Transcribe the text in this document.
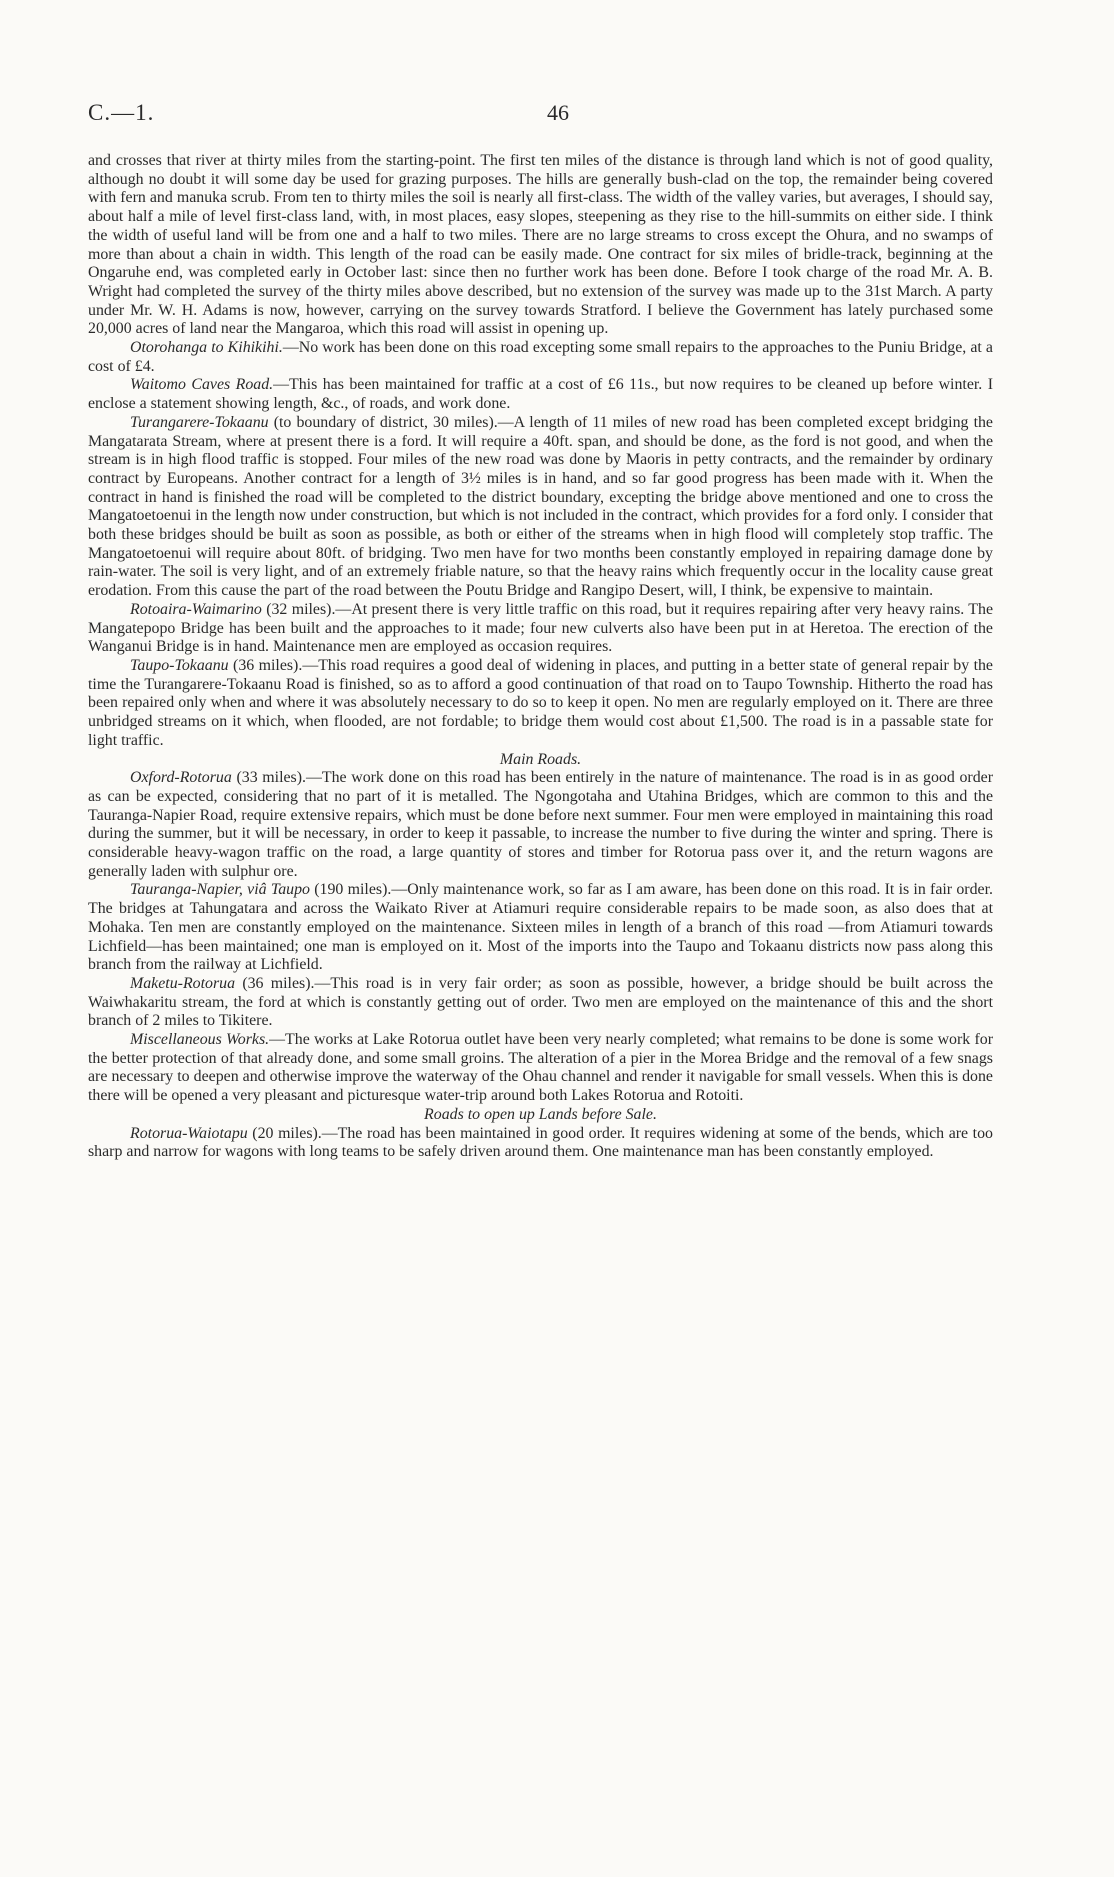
C.—1.	46

and crosses that river at thirty miles from the starting-point. The first ten miles of the distance is through land which is not of good quality, although no doubt it will some day be used for grazing purposes. The hills are generally bush-clad on the top, the remainder being covered with fern and manuka scrub. From ten to thirty miles the soil is nearly all first-class. The width of the valley varies, but averages, I should say, about half a mile of level first-class land, with, in most places, easy slopes, steepening as they rise to the hill-summits on either side. I think the width of useful land will be from one and a half to two miles. There are no large streams to cross except the Ohura, and no swamps of more than about a chain in width. This length of the road can be easily made. One contract for six miles of bridle-track, beginning at the Ongaruhe end, was completed early in October last: since then no further work has been done. Before I took charge of the road Mr. A. B. Wright had completed the survey of the thirty miles above described, but no extension of the survey was made up to the 31st March. A party under Mr. W. H. Adams is now, however, carrying on the survey towards Stratford. I believe the Government has lately purchased some 20,000 acres of land near the Mangaroa, which this road will assist in opening up.

Otorohanga to Kihikihi.—No work has been done on this road excepting some small repairs to the approaches to the Puniu Bridge, at a cost of £4.

Waitomo Caves Road.—This has been maintained for traffic at a cost of £6 11s., but now requires to be cleaned up before winter. I enclose a statement showing length, &c., of roads, and work done.

Turangarere-Tokaanu (to boundary of district, 30 miles).—A length of 11 miles of new road has been completed except bridging the Mangatarata Stream, where at present there is a ford. It will require a 40ft. span, and should be done, as the ford is not good, and when the stream is in high flood traffic is stopped. Four miles of the new road was done by Maoris in petty contracts, and the remainder by ordinary contract by Europeans. Another contract for a length of 3½ miles is in hand, and so far good progress has been made with it. When the contract in hand is finished the road will be completed to the district boundary, excepting the bridge above mentioned and one to cross the Mangatoetoenui in the length now under construction, but which is not included in the contract, which provides for a ford only. I consider that both these bridges should be built as soon as possible, as both or either of the streams when in high flood will completely stop traffic. The Mangatoetoenui will require about 80ft. of bridging. Two men have for two months been constantly employed in repairing damage done by rain-water. The soil is very light, and of an extremely friable nature, so that the heavy rains which frequently occur in the locality cause great erodation. From this cause the part of the road between the Poutu Bridge and Rangipo Desert, will, I think, be expensive to maintain.

Rotoaira-Waimarino (32 miles).—At present there is very little traffic on this road, but it requires repairing after very heavy rains. The Mangatepopo Bridge has been built and the approaches to it made; four new culverts also have been put in at Heretoa. The erection of the Wanganui Bridge is in hand. Maintenance men are employed as occasion requires.

Taupo-Tokaanu (36 miles).—This road requires a good deal of widening in places, and putting in a better state of general repair by the time the Turangarere-Tokaanu Road is finished, so as to afford a good continuation of that road on to Taupo Township. Hitherto the road has been repaired only when and where it was absolutely necessary to do so to keep it open. No men are regularly employed on it. There are three unbridged streams on it which, when flooded, are not fordable; to bridge them would cost about £1,500. The road is in a passable state for light traffic.

Main Roads.

Oxford-Rotorua (33 miles).—The work done on this road has been entirely in the nature of maintenance. The road is in as good order as can be expected, considering that no part of it is metalled. The Ngongotaha and Utahina Bridges, which are common to this and the Tauranga-Napier Road, require extensive repairs, which must be done before next summer. Four men were employed in maintaining this road during the summer, but it will be necessary, in order to keep it passable, to increase the number to five during the winter and spring. There is considerable heavy-wagon traffic on the road, a large quantity of stores and timber for Rotorua pass over it, and the return wagons are generally laden with sulphur ore.

Tauranga-Napier, viâ Taupo (190 miles).—Only maintenance work, so far as I am aware, has been done on this road. It is in fair order. The bridges at Tahungatara and across the Waikato River at Atiamuri require considerable repairs to be made soon, as also does that at Mohaka. Ten men are constantly employed on the maintenance. Sixteen miles in length of a branch of this road —from Atiamuri towards Lichfield—has been maintained; one man is employed on it. Most of the imports into the Taupo and Tokaanu districts now pass along this branch from the railway at Lichfield.

Maketu-Rotorua (36 miles).—This road is in very fair order; as soon as possible, however, a bridge should be built across the Waiwhakaritu stream, the ford at which is constantly getting out of order. Two men are employed on the maintenance of this and the short branch of 2 miles to Tikitere.

Miscellaneous Works.—The works at Lake Rotorua outlet have been very nearly completed; what remains to be done is some work for the better protection of that already done, and some small groins. The alteration of a pier in the Morea Bridge and the removal of a few snags are necessary to deepen and otherwise improve the waterway of the Ohau channel and render it navigable for small vessels. When this is done there will be opened a very pleasant and picturesque water-trip around both Lakes Rotorua and Rotoiti.

Roads to open up Lands before Sale.

Rotorua-Waiotapu (20 miles).—The road has been maintained in good order. It requires widening at some of the bends, which are too sharp and narrow for wagons with long teams to be safely driven around them. One maintenance man has been constantly employed.
